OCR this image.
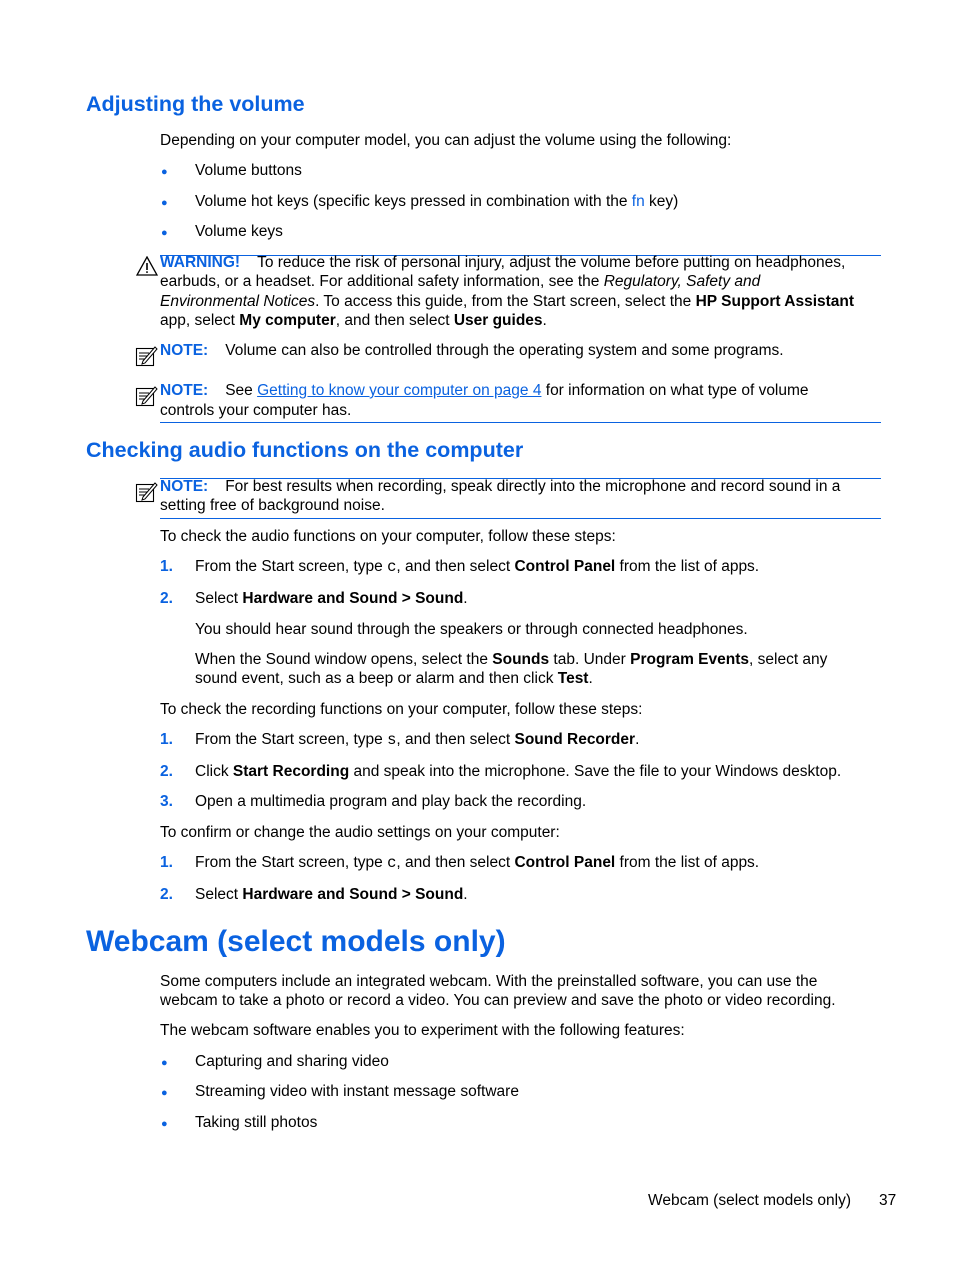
Adjusting the volume
Depending on your computer model, you can adjust the volume using the following:
● Volume buttons
● Volume hot keys (specific keys pressed in combination with the fn key)
● Volume keys
WARNING! To reduce the risk of personal injury, adjust the volume before putting on headphones,
earbuds, or a headset. For additional safety information, see the Regulatory, Safety and
Environmental Notices. To access this guide, from the Start screen, select the HP Support Assistant
app, select My computer, and then select User guides.
NOTE: Volume can also be controlled through the operating system and some programs.
NOTE: See Getting to know your computer on page 4 for information on what type of volume
controls your computer has.
Checking audio functions on the computer
NOTE: For best results when recording, speak directly into the microphone and record sound in a
setting free of background noise.
To check the audio functions on your computer, follow these steps:
1. From the Start screen, type c, and then select Control Panel from the list of apps.
2. Select Hardware and Sound > Sound.
You should hear sound through the speakers or through connected headphones.
When the Sound window opens, select the Sounds tab. Under Program Events, select any
sound event, such as a beep or alarm and then click Test.
To check the recording functions on your computer, follow these steps:
1. From the Start screen, type s, and then select Sound Recorder.
2. Click Start Recording and speak into the microphone. Save the file to your Windows desktop.
3. Open a multimedia program and play back the recording.
To confirm or change the audio settings on your computer:
1. From the Start screen, type c, and then select Control Panel from the list of apps.
2. Select Hardware and Sound > Sound.
Webcam (select models only)
Some computers include an integrated webcam. With the preinstalled software, you can use the
webcam to take a photo or record a video. You can preview and save the photo or video recording.
The webcam software enables you to experiment with the following features:
● Capturing and sharing video
● Streaming video with instant message software
● Taking still photos
Webcam (select models only) 37
